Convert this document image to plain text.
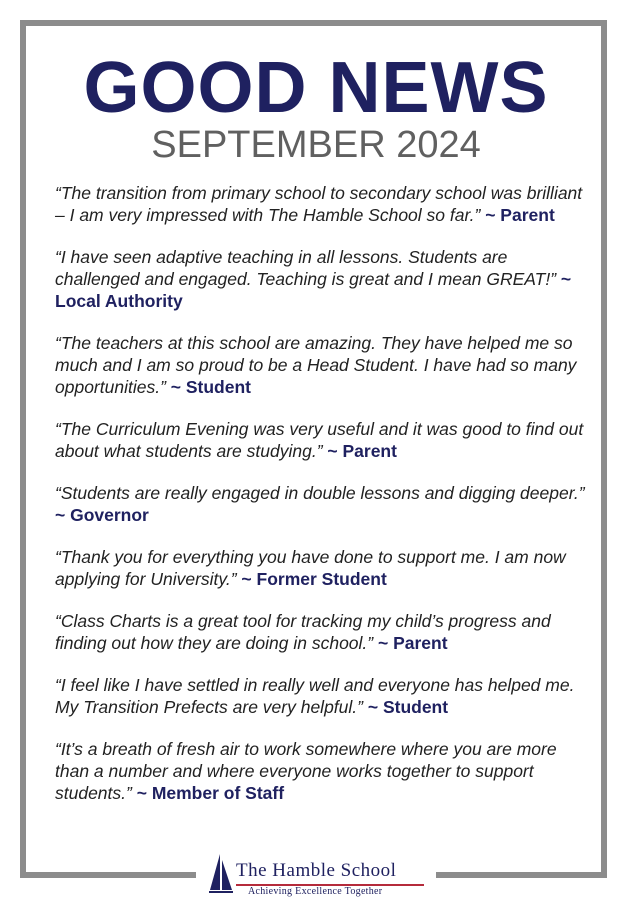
GOOD NEWS
SEPTEMBER 2024

“The transition from primary school to secondary school was brilliant – I am very impressed with The Hamble School so far.” ~ Parent

“I have seen adaptive teaching in all lessons. Students are challenged and engaged. Teaching is great and I mean GREAT!” ~ Local Authority

“The teachers at this school are amazing. They have helped me so much and I am so proud to be a Head Student. I have had so many opportunities.” ~ Student

“The Curriculum Evening was very useful and it was good to find out about what students are studying.” ~ Parent

“Students are really engaged in double lessons and digging deeper.” ~ Governor

“Thank you for everything you have done to support me. I am now applying for University.” ~ Former Student

“Class Charts is a great tool for tracking my child’s progress and finding out how they are doing in school.” ~ Parent

“I feel like I have settled in really well and everyone has helped me. My Transition Prefects are very helpful.” ~ Student

“It’s a breath of fresh air to work somewhere where you are more than a number and where everyone works together to support students.” ~ Member of Staff

The Hamble School
Achieving Excellence Together
